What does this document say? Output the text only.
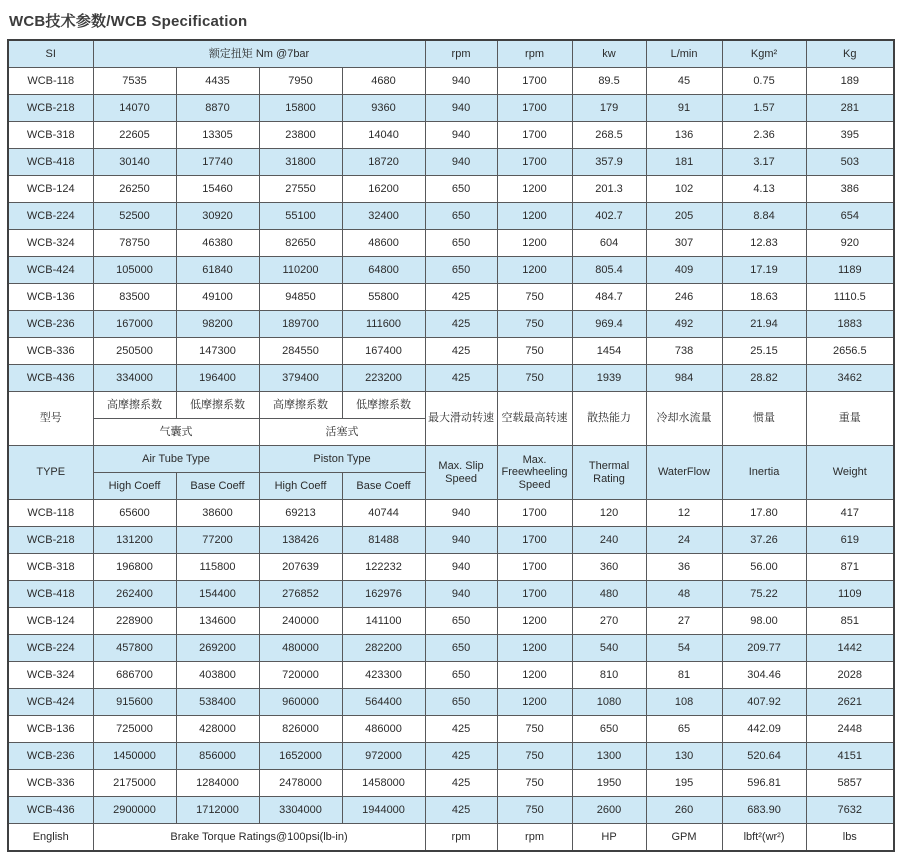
WCB技术参数/WCB Specification
SI	额定扭矩 Nm @7bar				rpm	rpm	kw	L/min	Kgm²	Kg
WCB-118	7535	4435	7950	4680	940	1700	89.5	45	0.75	189
WCB-218	14070	8870	15800	9360	940	1700	179	91	1.57	281
WCB-318	22605	13305	23800	14040	940	1700	268.5	136	2.36	395
WCB-418	30140	17740	31800	18720	940	1700	357.9	181	3.17	503
WCB-124	26250	15460	27550	16200	650	1200	201.3	102	4.13	386
WCB-224	52500	30920	55100	32400	650	1200	402.7	205	8.84	654
WCB-324	78750	46380	82650	48600	650	1200	604	307	12.83	920
WCB-424	105000	61840	110200	64800	650	1200	805.4	409	17.19	1189
WCB-136	83500	49100	94850	55800	425	750	484.7	246	18.63	1110.5
WCB-236	167000	98200	189700	111600	425	750	969.4	492	21.94	1883
WCB-336	250500	147300	284550	167400	425	750	1454	738	25.15	2656.5
WCB-436	334000	196400	379400	223200	425	750	1939	984	28.82	3462
型号	高摩擦系数	低摩擦系数	高摩擦系数	低摩擦系数	最大滑动转速	空载最高转速	散热能力	冷却水流量	惯量	重量
	气囊式		活塞式							
TYPE	Air Tube Type		Piston Type		Max. Slip Speed	Max. Freewheeling Speed	Thermal Rating	WaterFlow	Inertia	Weight
	High Coeff	Base Coeff	High Coeff	Base Coeff						
WCB-118	65600	38600	69213	40744	940	1700	120	12	17.80	417
WCB-218	131200	77200	138426	81488	940	1700	240	24	37.26	619
WCB-318	196800	115800	207639	122232	940	1700	360	36	56.00	871
WCB-418	262400	154400	276852	162976	940	1700	480	48	75.22	1109
WCB-124	228900	134600	240000	141100	650	1200	270	27	98.00	851
WCB-224	457800	269200	480000	282200	650	1200	540	54	209.77	1442
WCB-324	686700	403800	720000	423300	650	1200	810	81	304.46	2028
WCB-424	915600	538400	960000	564400	650	1200	1080	108	407.92	2621
WCB-136	725000	428000	826000	486000	425	750	650	65	442.09	2448
WCB-236	1450000	856000	1652000	972000	425	750	1300	130	520.64	4151
WCB-336	2175000	1284000	2478000	1458000	425	750	1950	195	596.81	5857
WCB-436	2900000	1712000	3304000	1944000	425	750	2600	260	683.90	7632
English	Brake Torque Ratings@100psi(lb-in)				rpm	rpm	HP	GPM	lbft²(wr²)	lbs
